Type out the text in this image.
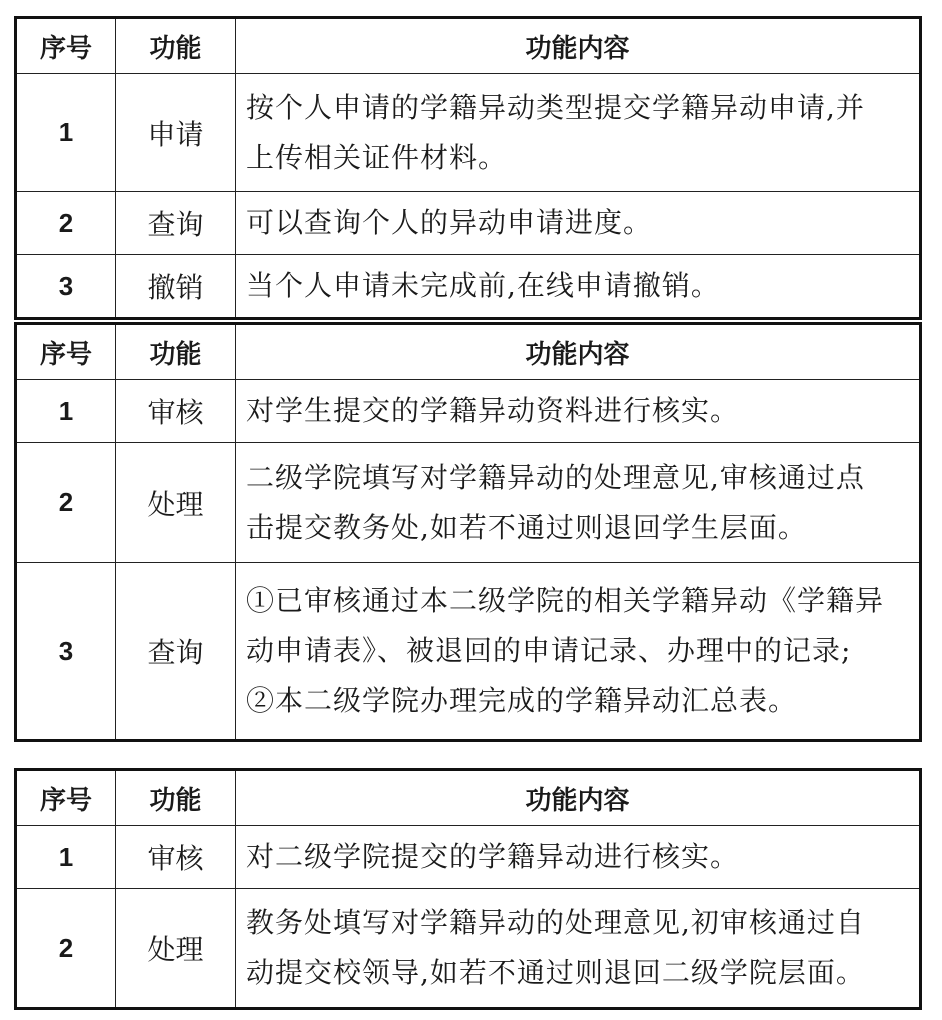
序号	功能	功能内容
1	申请	按个人申请的学籍异动类型提交学籍异动申请,并
上传相关证件材料。

2	查询	可以查询个人的异动申请进度。

3	撤销	当个人申请未完成前,在线申请撤销。
序号	功能	功能内容
1	审核	对学生提交的学籍异动资料进行核实。

2	处理	二级学院填写对学籍异动的处理意见,审核通过点
击提交教务处,如若不通过则退回学生层面。

3	查询	①已审核通过本二级学院的相关学籍异动《学籍异
动申请表》、被退回的申请记录、办理中的记录;
②本二级学院办理完成的学籍异动汇总表。
序号	功能	功能内容
1	审核	对二级学院提交的学籍异动进行核实。

2	处理	教务处填写对学籍异动的处理意见,初审核通过自
动提交校领导,如若不通过则退回二级学院层面。
